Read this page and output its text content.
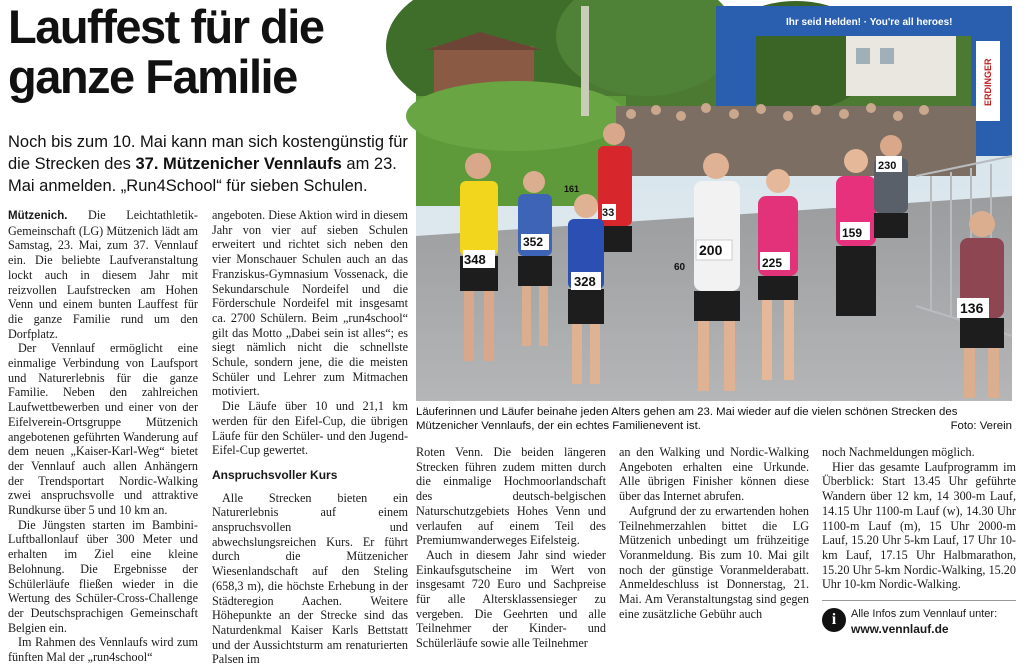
Lauffest für die ganze Familie

Noch bis zum 10. Mai kann man sich kostengünstig für die Strecken des 37. Mützenicher Vennlaufs am 23. Mai anmelden. „Run4School“ für sieben Schulen.

Mützenich. Die Leichtathletik-Gemeinschaft (LG) Mützenich lädt am Samstag, 23. Mai, zum 37. Vennlauf ein. Die beliebte Laufveranstaltung lockt auch in diesem Jahr mit reizvollen Laufstrecken am Hohen Venn und einem bunten Lauffest für die ganze Familie rund um den Dorfplatz.

Der Vennlauf ermöglicht eine einmalige Verbindung von Laufsport und Naturerlebnis für die ganze Familie. Neben den zahlreichen Laufwettbewerben und einer von der Eifelverein-Ortsgruppe Mützenich angebotenen geführten Wanderung auf dem neuen „Kaiser-Karl-Weg“ bietet der Vennlauf auch allen Anhängern der Trendsportart Nordic-Walking zwei anspruchsvolle und attraktive Rundkurse über 5 und 10 km an.

Die Jüngsten starten im Bambini-Luftballonlauf über 300 Meter und erhalten im Ziel eine kleine Belohnung. Die Ergebnisse der Schülerläufe fließen wieder in die Wertung des Schüler-Cross-Challenge der Deutschsprachigen Gemeinschaft Belgien ein.

Im Rahmen des Vennlaufs wird zum fünften Mal der „run4school“

angeboten. Diese Aktion wird in diesem Jahr von vier auf sieben Schulen erweitert und richtet sich neben den vier Monschauer Schulen auch an das Franziskus-Gymnasium Vossenack, die Sekundarschule Nordeifel und die Förderschule Nordeifel mit insgesamt ca. 2700 Schülern. Beim „run4school“ gilt das Motto „Dabei sein ist alles“; es siegt nämlich nicht die schnellste Schule, sondern jene, die die meisten Schüler und Lehrer zum Mitmachen motiviert.

Die Läufe über 10 und 21,1 km werden für den Eifel-Cup, die übrigen Läufe für den Schüler- und den Jugend-Eifel-Cup gewertet.

Anspruchsvoller Kurs

Alle Strecken bieten ein Naturerlebnis auf einem anspruchsvollen und abwechslungsreichen Kurs. Er führt durch die Mützenicher Wiesenlandschaft auf den Steling (658,3 m), die höchste Erhebung in der Städteregion Aachen. Weitere Höhepunkte an der Strecke sind das Naturdenkmal Kaiser Karls Bettstatt und der Aussichtsturm am renaturierten Palsen im

Ihr seid Helden! · You're all heroes!
ERDINGER
348
352
161
33
328
200
225
159
230
136
60

Läuferinnen und Läufer beinahe jeden Alters gehen am 23. Mai wieder auf die vielen schönen Strecken des Mützenicher Vennlaufs, der ein echtes Familienevent ist.	Foto: Verein

Roten Venn. Die beiden längeren Strecken führen zudem mitten durch die einmalige Hochmoorlandschaft des deutsch-belgischen Naturschutzgebiets Hohes Venn und verlaufen auf einem Teil des Premiumwanderweges Eifelsteig.

Auch in diesem Jahr sind wieder Einkaufsgutscheine im Wert von insgesamt 720 Euro und Sachpreise für alle Altersklassensieger zu vergeben. Die Geehrten und alle Teilnehmer der Kinder- und Schülerläufe sowie alle Teilnehmer

an den Walking und Nordic-Walking Angeboten erhalten eine Urkunde. Alle übrigen Finisher können diese über das Internet abrufen.

Aufgrund der zu erwartenden hohen Teilnehmerzahlen bittet die LG Mützenich unbedingt um frühzeitige Voranmeldung. Bis zum 10. Mai gilt noch der günstige Voranmelderabatt. Anmeldeschluss ist Donnerstag, 21. Mai. Am Veranstaltungstag sind gegen eine zusätzliche Gebühr auch

noch Nachmeldungen möglich.

Hier das gesamte Laufprogramm im Überblick: Start 13.45 Uhr geführte Wandern über 12 km, 14 300-m Lauf, 14.15 Uhr 1100-m Lauf (w), 14.30 Uhr 1100-m Lauf (m), 15 Uhr 2000-m Lauf, 15.20 Uhr 5-km Lauf, 17 Uhr 10-km Lauf, 17.15 Uhr Halbmarathon, 15.20 Uhr 5-km Nordic-Walking, 15.20 Uhr 10-km Nordic-Walking.

i	Alle Infos zum Vennlauf unter:
www.vennlauf.de
